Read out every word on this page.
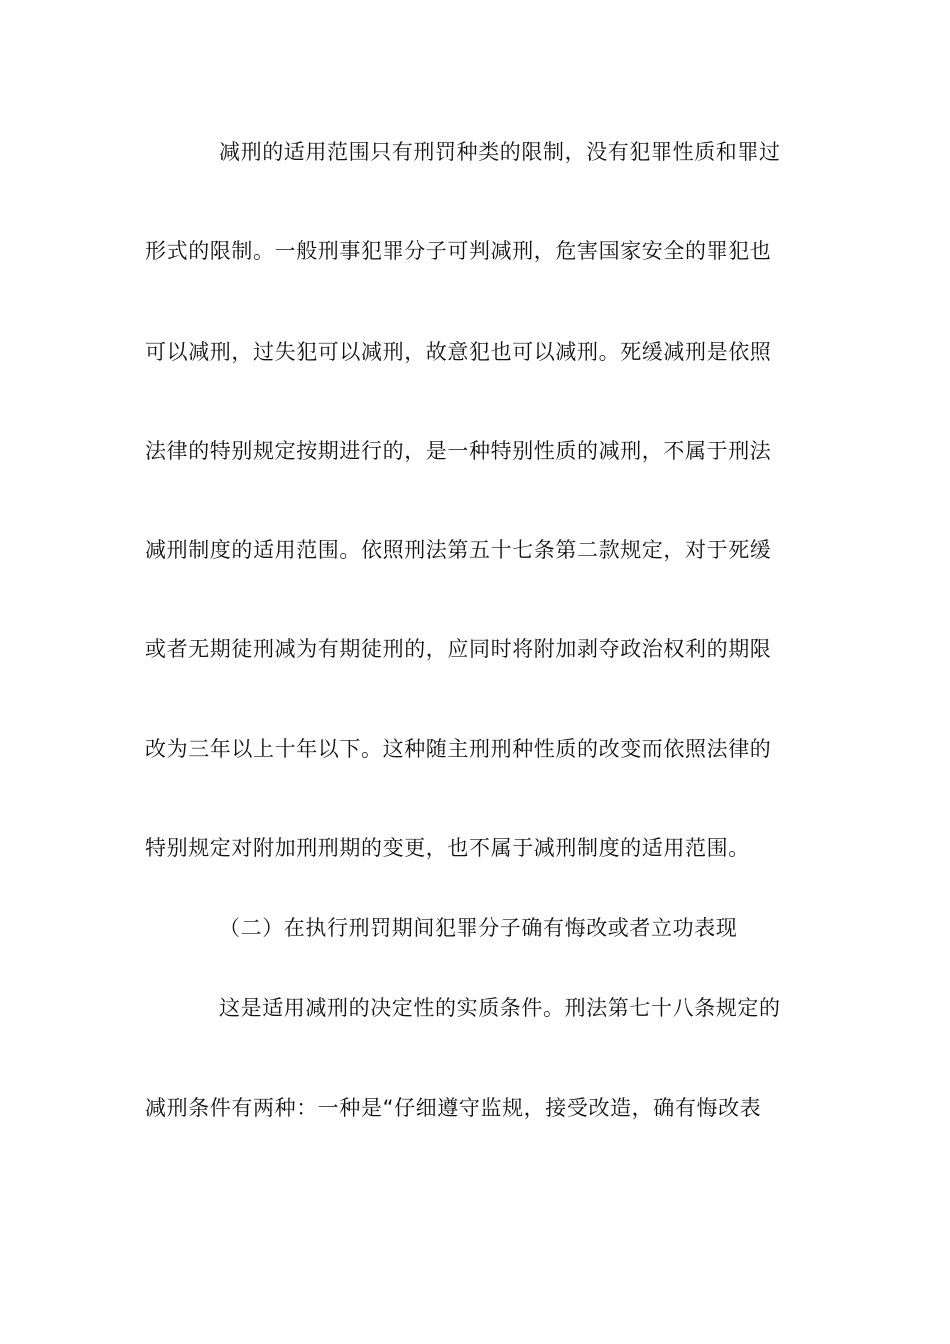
减刑的适用范围只有刑罚种类的限制，没有犯罪性质和罪过
形式的限制。一般刑事犯罪分子可判减刑，危害国家安全的罪犯也
可以减刑，过失犯可以减刑，故意犯也可以减刑。死缓减刑是依照
法律的特别规定按期进行的，是一种特别性质的减刑，不属于刑法
减刑制度的适用范围。依照刑法第五十七条第二款规定，对于死缓
或者无期徒刑减为有期徒刑的，应同时将附加剥夺政治权利的期限
改为三年以上十年以下。这种随主刑刑种性质的改变而依照法律的
特别规定对附加刑刑期的变更，也不属于减刑制度的适用范围。
（二）在执行刑罚期间犯罪分子确有悔改或者立功表现
这是适用减刑的决定性的实质条件。刑法第七十八条规定的
减刑条件有两种：一种是“仔细遵守监规，接受改造，确有悔改表
